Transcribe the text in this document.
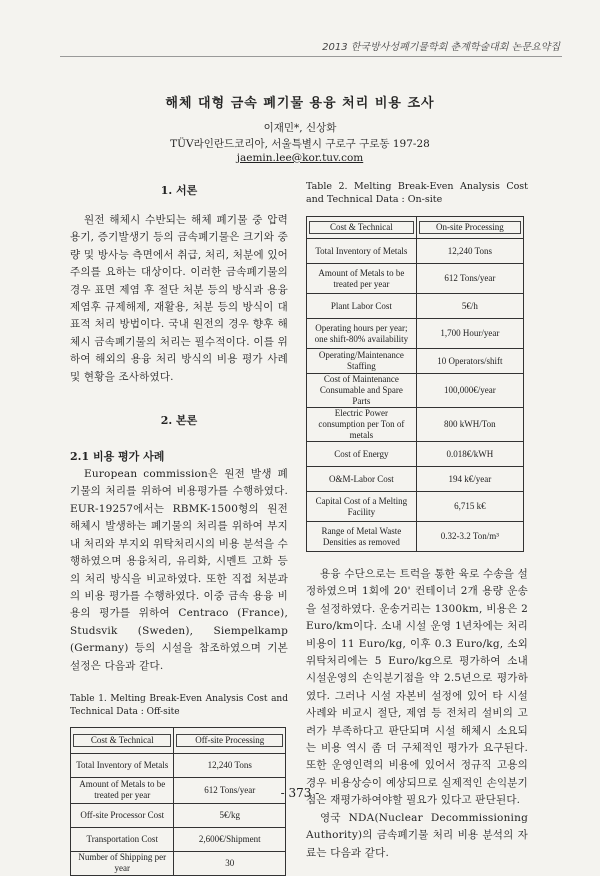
2013 한국방사성폐기물학회 춘계학술대회 논문요약집
해체 대형 금속 폐기물 용융 처리 비용 조사
이재민*, 신상화
TÜV라인란드코리아, 서울특별시 구로구 구로동 197-28
jaemin.lee@kor.tuv.com

1. 서론

원전 해체시 수반되는 해체 폐기물 중 압력용기, 증기발생기 등의 금속폐기물은 크기와 중량 및 방사능 측면에서 취급, 처리, 처분에 있어 주의를 요하는 대상이다. 이러한 금속폐기물의 경우 표면 제염 후 절단 처분 등의 방식과 용융 제염후 규제해제, 재활용, 처분 등의 방식이 대표적 처리 방법이다. 국내 원전의 경우 향후 해체시 금속폐기물의 처리는 필수적이다. 이를 위하여 해외의 용융 처리 방식의 비용 평가 사례 및 현황을 조사하였다.

2. 본론

2.1 비용 평가 사례

European commission은 원전 발생 폐기물의 처리를 위하여 비용평가를 수행하였다. EUR-19257에서는 RBMK-1500형의 원전 해체시 발생하는 폐기물의 처리를 위하여 부지내 처리와 부지외 위탁처리시의 비용 분석을 수행하였으며 용융처리, 유리화, 시멘트 고화 등의 처리 방식을 비교하였다. 또한 직접 처분과의 비용 평가를 수행하였다. 이중 금속 용융 비용의 평가를 위하여 Centraco (France), Studsvik (Sweden), Siempelkamp (Germany) 등의 시설을 참조하였으며 기본 설정은 다음과 같다.

Table 1. Melting Break-Even Analysis Cost and Technical Data : Off-site

Cost & Technical	Off-site Processing

Total Inventory of Metals	12,240 Tons
Amount of Metals to be treated per year	612 Tons/year
Off-site Processor Cost	5€/kg
Transportation Cost	2,600€/Shipment
Number of Shipping per year	30

Table 2. Melting Break-Even Analysis Cost and Technical Data : On-site

Cost & Technical	On-site Processing

Total Inventory of Metals	12,240 Tons
Amount of Metals to be treated per year	612 Tons/year
Plant Labor Cost	5€/h
Operating hours per year; one shift-80% availability	1,700 Hour/year
Operating/Maintenance Staffing	10 Operators/shift
Cost of Maintenance Consumable and Spare Parts	100,000€/year
Electric Power consumption per Ton of metals	800 kWH/Ton
Cost of Energy	0.018€/kWH
O&M-Labor Cost	194 k€/year
Capital Cost of a Melting Facility	6,715 k€
Range of Metal Waste Densities as removed	0.32-3.2 Ton/m³

용융 수단으로는 트럭을 통한 육로 수송을 설정하였으며 1회에 20' 컨테이너 2개 용량 운송을 설정하였다. 운송거리는 1300km, 비용은 2 Euro/km이다. 소내 시설 운영 1년차에는 처리비용이 11 Euro/kg, 이후 0.3 Euro/kg, 소외 위탁처리에는 5 Euro/kg으로 평가하여 소내 시설운영의 손익분기점을 약 2.5년으로 평가하였다. 그러나 시설 자본비 설정에 있어 타 시설 사례와 비교시 절단, 제염 등 전처리 설비의 고려가 부족하다고 판단되며 시설 해체시 소요되는 비용 역시 좀 더 구체적인 평가가 요구된다. 또한 운영인력의 비용에 있어서 정규직 고용의 경우 비용상승이 예상되므로 실제적인 손익분기점은 재평가하여야할 필요가 있다고 판단된다.

영국 NDA(Nuclear Decommissioning Authority)의 금속폐기물 처리 비용 분석의 자료는 다음과 같다.

- 373 -
